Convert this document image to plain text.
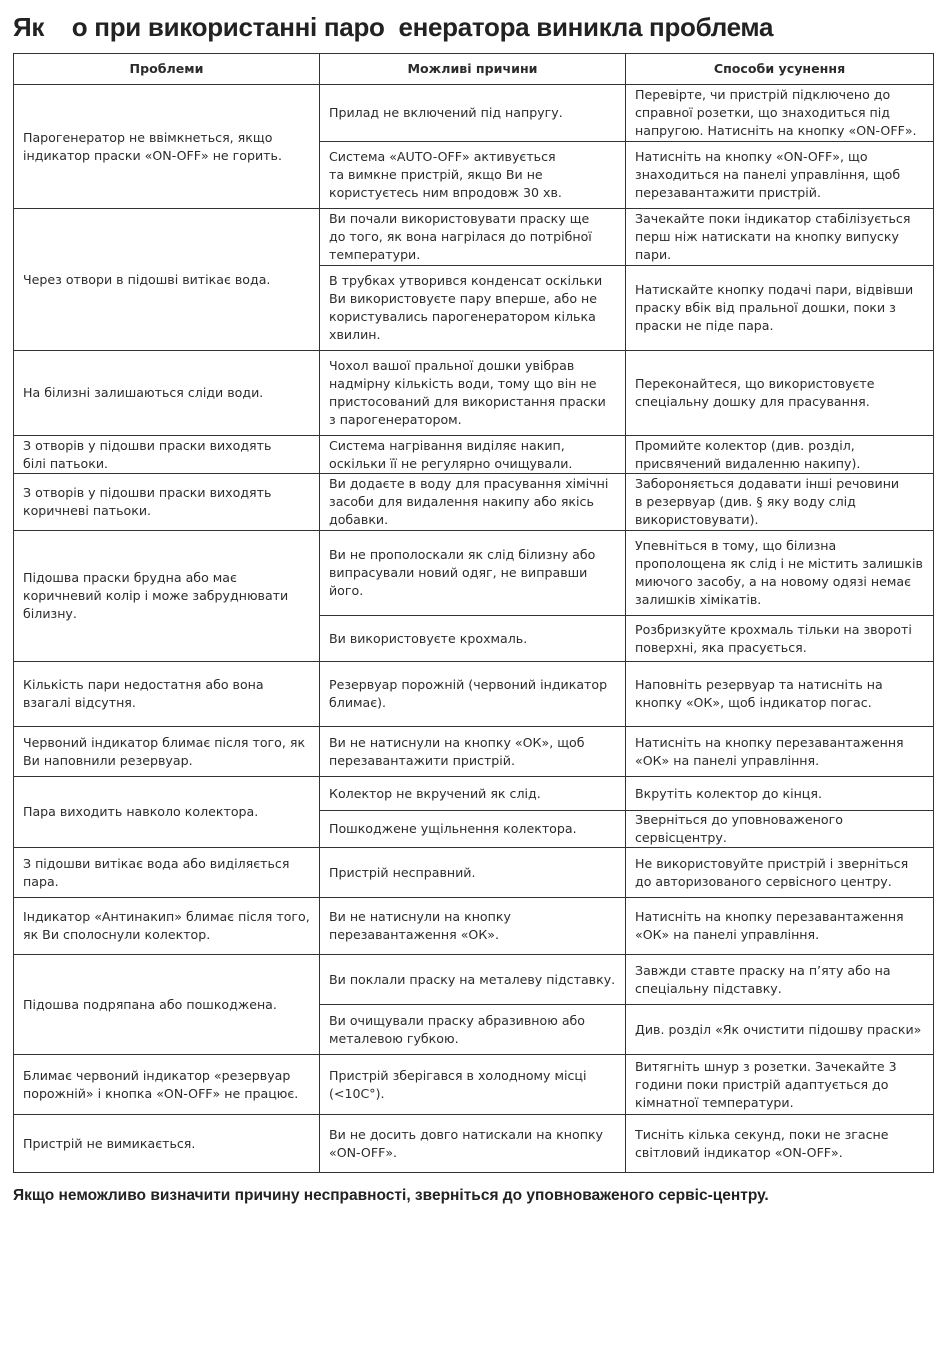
Як    о при використанні паро  енератора виникла проблема
Проблеми	Можливі причини	Способи усунення
Парогенератор не ввімкнеться, якщо
індикатор праски «ON-OFF» не горить.	Прилад не включений під напругу.	Перевірте, чи пристрій підключено до
справної розетки, що знаходиться під
напругою. Натисніть на кнопку «ON-OFF».
	Система «AUTO-OFF» активується
та вимкне пристрій, якщо Ви не
користуєтесь ним впродовж 30 хв.	Натисніть на кнопку «ON-OFF», що
знаходиться на панелі управління, щоб
перезавантажити пристрій.
Через отвори в підошві витікає вода.	Ви почали використовувати праску ще
до того, як вона нагрілася до потрібної
температури.	Зачекайте поки індикатор стабілізується
перш ніж натискати на кнопку випуску
пари.
	В трубках утворився конденсат оскільки
Ви використовуєте пару вперше, або не
користувались парогенератором кілька
хвилин.	Натискайте кнопку подачі пари, відвівши
праску вбік від пральної дошки, поки з
праски не піде пара.
На білизні залишаються сліди води.	Чохол вашої пральної дошки увібрав
надмірну кількість води, тому що він не
пристосований для використання праски
з парогенератором.	Переконайтеся, що використовуєте
спеціальну дошку для прасування.
З отворів у підошви праски виходять
білі патьоки.	Система нагрівання виділяє накип,
оскільки її не регулярно очищували.	Промийте колектор (див. розділ,
присвячений видаленню накипу).
З отворів у підошви праски виходять
коричневі патьоки.	Ви додаєте в воду для прасування хімічні
засоби для видалення накипу або якісь
добавки.	Забороняється додавати інші речовини
в резервуар (див. § яку воду слід
використовувати).
Підошва праски брудна або має
коричневий колір і може забруднювати
білизну.	Ви не прополоскали як слід білизну або
випрасували новий одяг, не виправши
його.	Упевніться в тому, що білизна
прополощена як слід і не містить залишків
миючого засобу, а на новому одязі немає
залишків хімікатів.
	Ви використовуєте крохмаль.	Розбризкуйте крохмаль тільки на звороті
поверхні, яка прасується.
Кількість пари недостатня або вона
взагалі відсутня.	Резервуар порожній (червоний індикатор
блимає).	Наповніть резервуар та натисніть на
кнопку «ОК», щоб індикатор погас.
Червоний індикатор блимає після того, як
Ви наповнили резервуар.	Ви не натиснули на кнопку «ОК», щоб
перезавантажити пристрій.	Натисніть на кнопку перезавантаження
«ОК» на панелі управління.
Пара виходить навколо колектора.	Колектор не вкручений як слід.	Вкрутіть колектор до кінця.
	Пошкоджене ущільнення колектора.	Зверніться до уповноваженого
сервісцентру.
З підошви витікає вода або виділяється
пара.	Пристрій несправний.	Не використовуйте пристрій і зверніться
до авторизованого сервісного центру.
Індикатор «Антинакип» блимає після того,
як Ви сполоснули колектор.	Ви не натиснули на кнопку
перезавантаження «ОК».	Натисніть на кнопку перезавантаження
«ОК» на панелі управління.
Підошва подряпана або пошкоджена.	Ви поклали праску на металеву підставку.	Завжди ставте праску на п’яту або на
спеціальну підставку.
	Ви очищували праску абразивною або
металевою губкою.	Див. розділ «Як очистити підошву праски»
Блимає червоний індикатор «резервуар
порожній» і кнопка «ON-OFF» не працює.	Пристрій зберігався в холодному місці
(<10C°).	Витягніть шнур з розетки. Зачекайте 3
години поки пристрій адаптується до
кімнатної температури.
Пристрій не вимикається.	Ви не досить довго натискали на кнопку
«ON-OFF».	Тисніть кілька секунд, поки не згасне
світловий індикатор «ON-OFF».

Якщо неможливо визначити причину несправності, зверніться до уповноваженого сервіс-центру.
